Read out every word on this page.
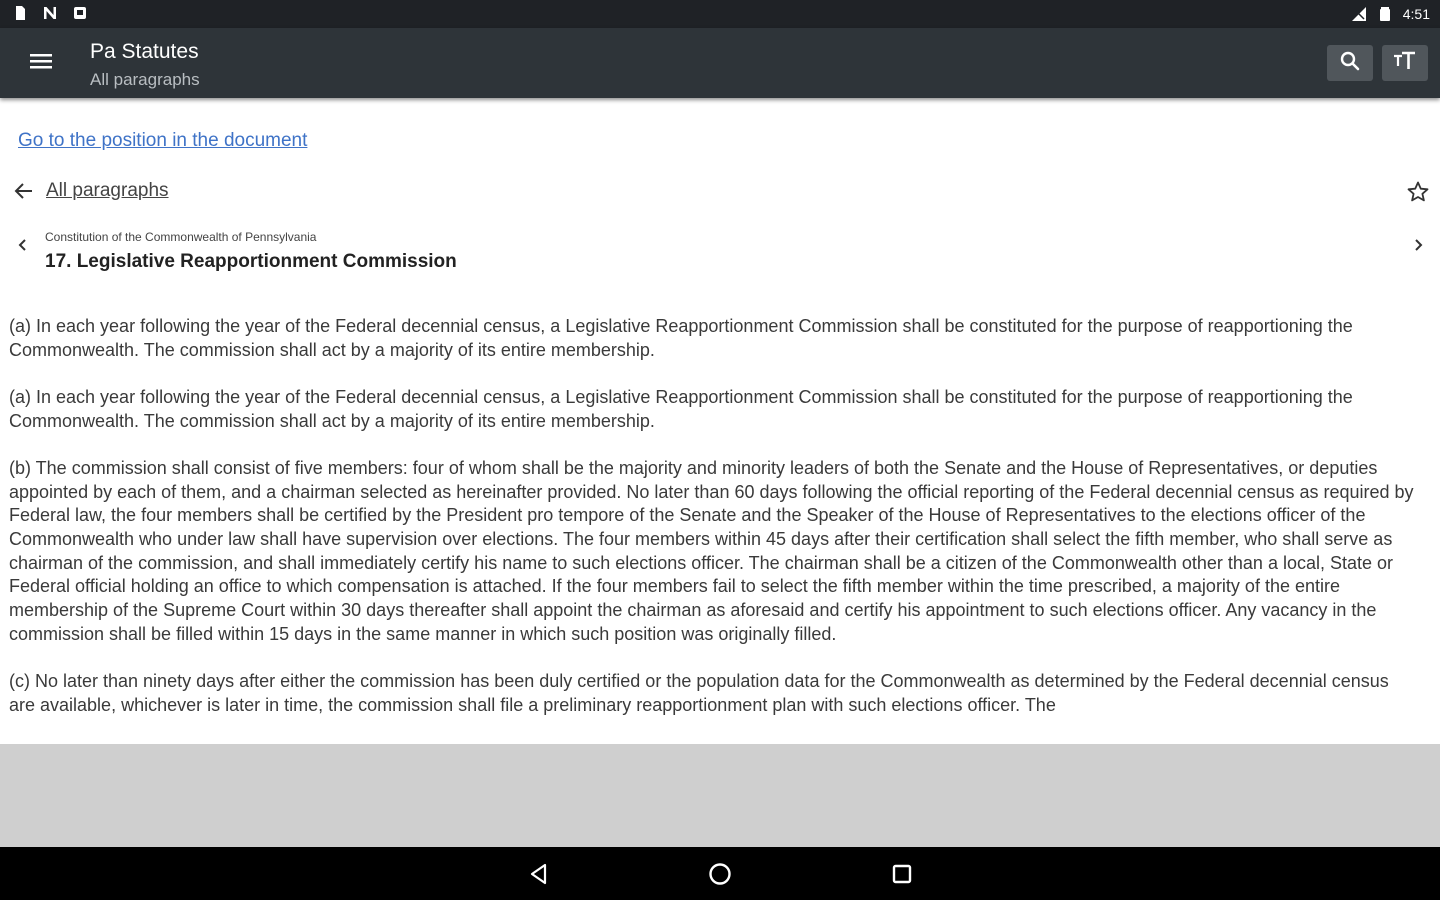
4:51
Pa Statutes
All paragraphs
Go to the position in the document
All paragraphs
Constitution of the Commonwealth of Pennsylvania
17. Legislative Reapportionment Commission

(a) In each year following the year of the Federal decennial census, a Legislative Reapportionment Commission shall be constituted for the purpose of reapportioning the Commonwealth. The commission shall act by a majority of its entire membership.

(a) In each year following the year of the Federal decennial census, a Legislative Reapportionment Commission shall be constituted for the purpose of reapportioning the Commonwealth. The commission shall act by a majority of its entire membership.

(b) The commission shall consist of five members: four of whom shall be the majority and minority leaders of both the Senate and the House of Representatives, or deputies appointed by each of them, and a chairman selected as hereinafter provided. No later than 60 days following the official reporting of the Federal decennial census as required by Federal law, the four members shall be certified by the President pro tempore of the Senate and the Speaker of the House of Representatives to the elections officer of the Commonwealth who under law shall have supervision over elections. The four members within 45 days after their certification shall select the fifth member, who shall serve as chairman of the commission, and shall immediately certify his name to such elections officer. The chairman shall be a citizen of the Commonwealth other than a local, State or Federal official holding an office to which compensation is attached. If the four members fail to select the fifth member within the time prescribed, a majority of the entire membership of the Supreme Court within 30 days thereafter shall appoint the chairman as aforesaid and certify his appointment to such elections officer. Any vacancy in the commission shall be filled within 15 days in the same manner in which such position was originally filled.

(c) No later than ninety days after either the commission has been duly certified or the population data for the Commonwealth as determined by the Federal decennial census are available, whichever is later in time, the commission shall file a preliminary reapportionment plan with such elections officer. The
